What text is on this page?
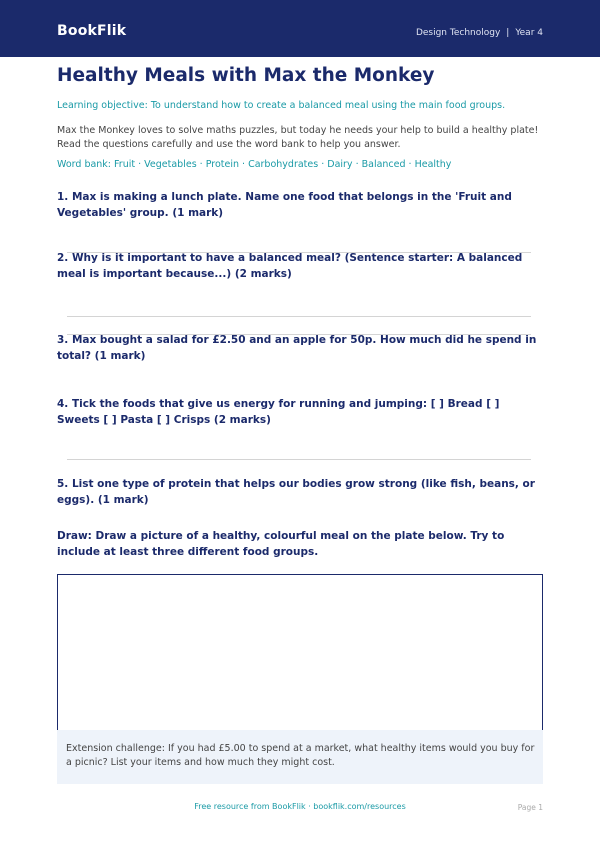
BookFlik	Design Technology | Year 4
Healthy Meals with Max the Monkey
Learning objective: To understand how to create a balanced meal using the main food groups.
Max the Monkey loves to solve maths puzzles, but today he needs your help to build a healthy plate! Read the questions carefully and use the word bank to help you answer.
Word bank: Fruit · Vegetables · Protein · Carbohydrates · Dairy · Balanced · Healthy
1. Max is making a lunch plate. Name one food that belongs in the 'Fruit and Vegetables' group. (1 mark)
2. Why is it important to have a balanced meal? (Sentence starter: A balanced meal is important because...) (2 marks)
3. Max bought a salad for £2.50 and an apple for 50p. How much did he spend in total? (1 mark)
4. Tick the foods that give us energy for running and jumping: [ ] Bread [ ] Sweets [ ] Pasta [ ] Crisps (2 marks)
5. List one type of protein that helps our bodies grow strong (like fish, beans, or eggs). (1 mark)
Draw: Draw a picture of a healthy, colourful meal on the plate below. Try to include at least three different food groups.
Extension challenge: If you had £5.00 to spend at a market, what healthy items would you buy for a picnic? List your items and how much they might cost.
Free resource from BookFlik · bookflik.com/resources	Page 1
